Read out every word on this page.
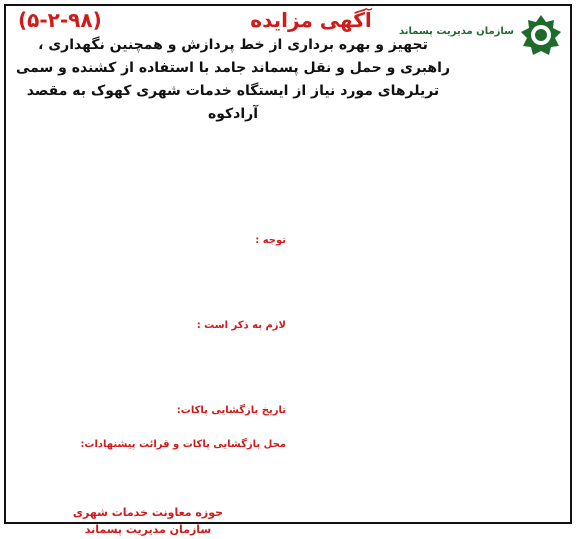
سازمان مدیریت پسماند
آگهی مزایده
(۵-۲-۹۸)
تجهیز و بهره برداری از خط پردازش و همچنین نگهداری ، راهبری و حمل و نقل پسماند جامد با استفاده از کشنده و سمی تریلرهای مورد نیاز از ایستگاه خدمات شهری کهوک به مقصد آرادکوه
توجه :
لازم به ذکر است :
تاریخ بازگشایی پاکات:
محل بازگشایی پاکات و قرائت پیشنهادات:
حوزه معاونت خدمات شهری
سازمان مدیریت پسماند
